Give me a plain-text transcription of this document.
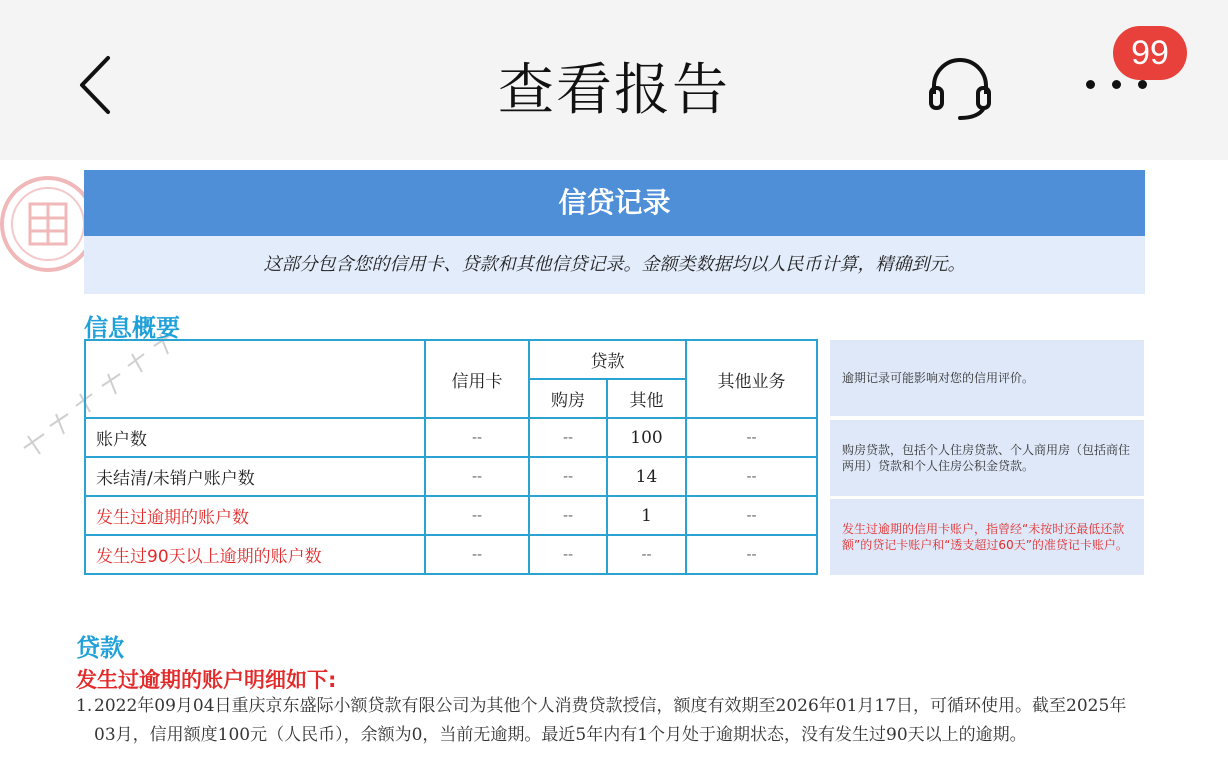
查看报告
99
信贷记录
这部分包含您的信用卡、贷款和其他信贷记录。金额类数据均以人民币计算，精确到元。
信息概要
	信用卡	贷款		其他业务
		购房	其他	
账户数	--	--	100	--
未结清/未销户账户数	--	--	14	--
发生过逾期的账户数	--	--	1	--
发生过90天以上逾期的账户数	--	--	--	--
逾期记录可能影响对您的信用评价。
购房贷款，包括个人住房贷款、个人商用房（包括商住两用）贷款和个人住房公积金贷款。
发生过逾期的信用卡账户，指曾经“未按时还最低还款额”的贷记卡账户和“透支超过60天”的准贷记卡账户。
贷款
发生过逾期的账户明细如下:
1. 2022年09月04日重庆京东盛际小额贷款有限公司为其他个人消费贷款授信，额度有效期至2026年01月17日，可循环使用。截至2025年03月，信用额度100元（人民币），余额为0，当前无逾期。最近5年内有1个月处于逾期状态，没有发生过90天以上的逾期。
